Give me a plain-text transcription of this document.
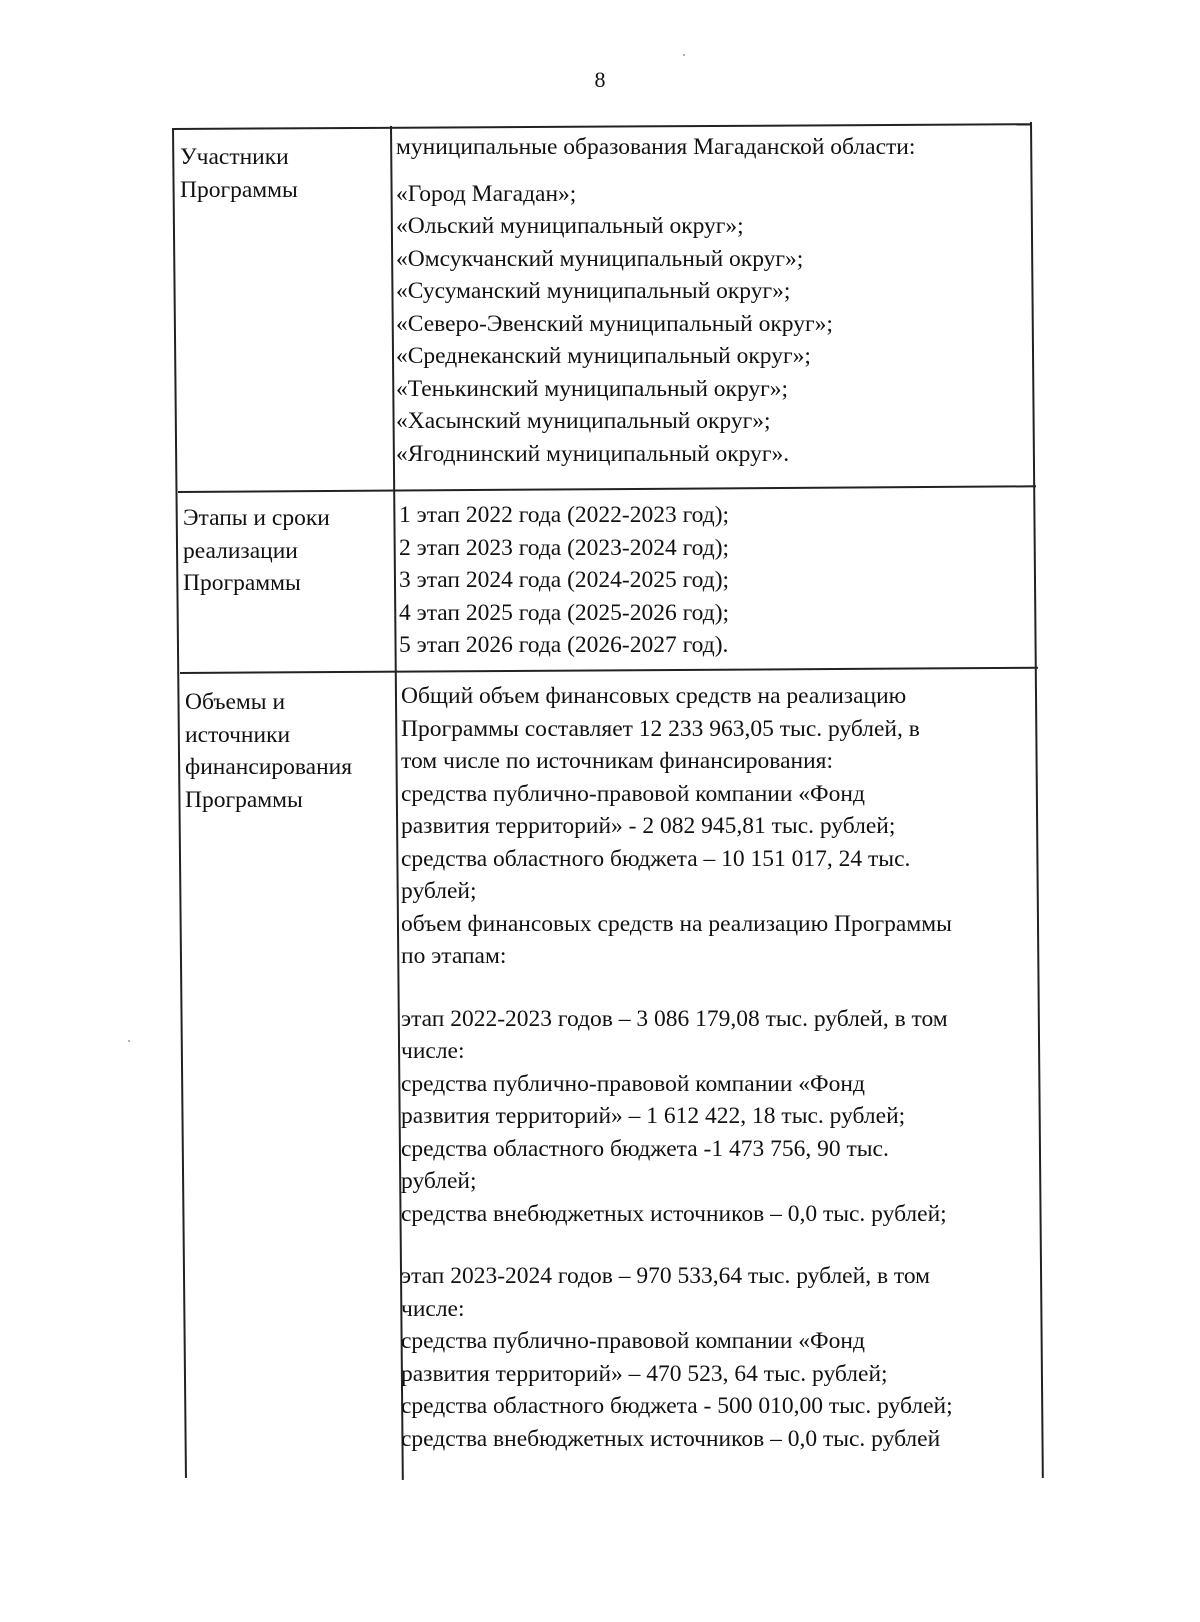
8
Участники
Программы
муниципальные образования Магаданской области:
«Город Магадан»;
«Ольский муниципальный округ»;
«Омсукчанский муниципальный округ»;
«Сусуманский муниципальный округ»;
«Северо-Эвенский муниципальный округ»;
«Среднеканский муниципальный округ»;
«Тенькинский муниципальный округ»;
«Хасынский муниципальный округ»;
«Ягоднинский муниципальный округ».
Этапы и сроки
реализации
Программы
1 этап 2022 года (2022-2023 год);
2 этап 2023 года (2023-2024 год);
3 этап 2024 года (2024-2025 год);
4 этап 2025 года (2025-2026 год);
5 этап 2026 года (2026-2027 год).
Объемы и
источники
финансирования
Программы
Общий объем финансовых средств на реализацию
Программы составляет 12 233 963,05 тыс. рублей, в
том числе по источникам финансирования:
средства публично-правовой компании «Фонд
развития территорий» - 2 082 945,81 тыс. рублей;
средства областного бюджета – 10 151 017, 24 тыс.
рублей;
объем финансовых средств на реализацию Программы
по этапам:
этап 2022-2023 годов – 3 086 179,08 тыс. рублей, в том
числе:
средства публично-правовой компании «Фонд
развития территорий» – 1 612 422, 18 тыс. рублей;
средства областного бюджета -1 473 756, 90 тыс.
рублей;
средства внебюджетных источников – 0,0 тыс. рублей;
этап 2023-2024 годов – 970 533,64 тыс. рублей, в том
числе:
средства публично-правовой компании «Фонд
развития территорий» – 470 523, 64 тыс. рублей;
средства областного бюджета - 500 010,00 тыс. рублей;
средства внебюджетных источников – 0,0 тыс. рублей
